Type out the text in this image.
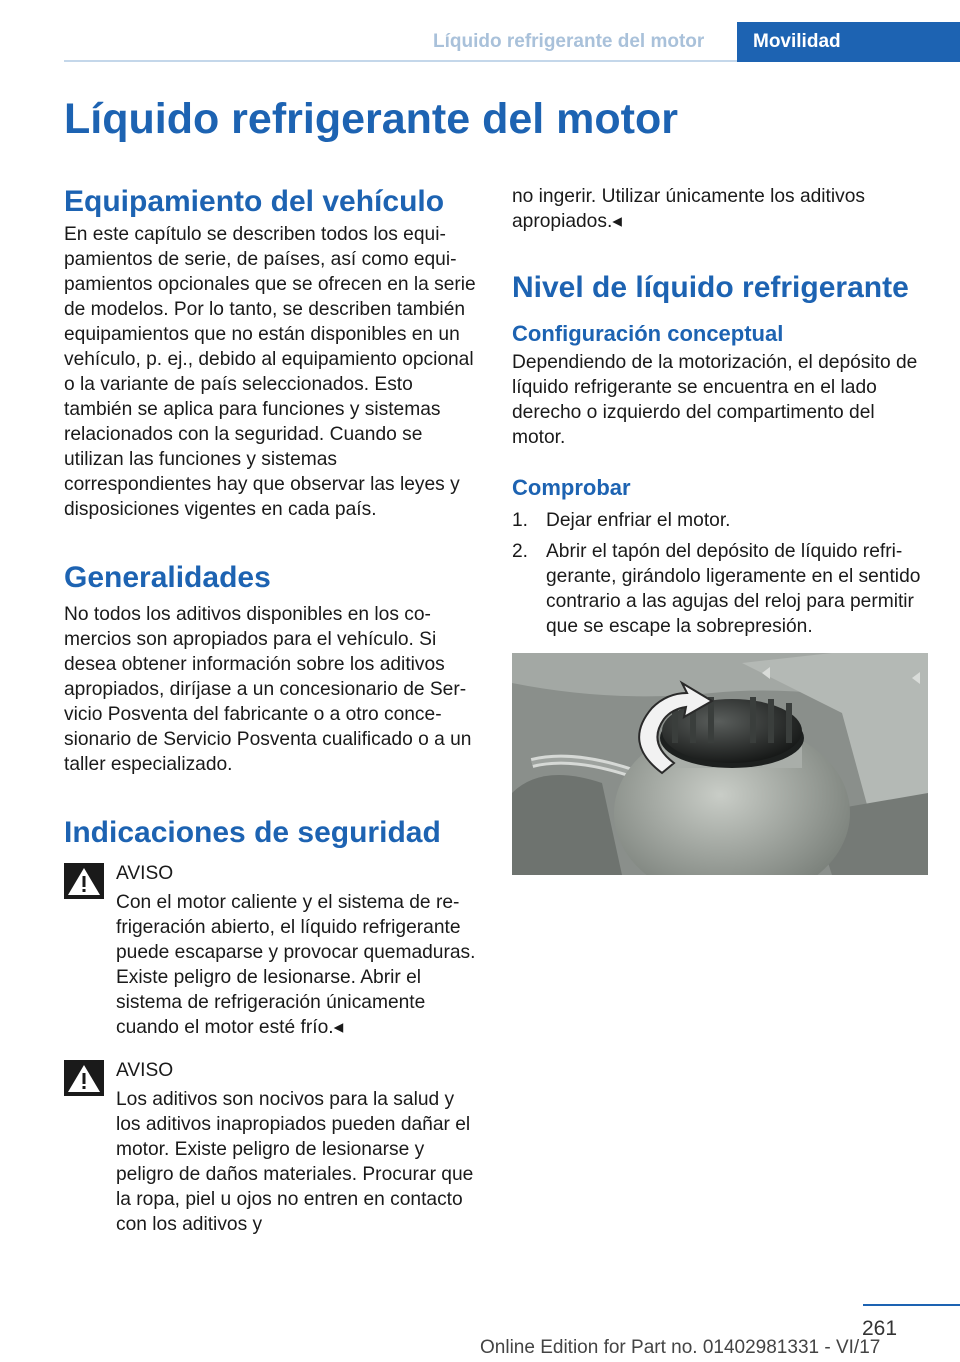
Líquido refrigerante del motor	Movilidad
Líquido refrigerante del motor
Equipamiento del vehículo

En este capítulo se describen todos los equipamientos de serie, de países, así como equipamientos opcionales que se ofrecen en la serie de modelos. Por lo tanto, se describen también equipamientos que no están disponibles en un vehículo, p. ej., debido al equipamiento opcional o la variante de país seleccionados. Esto también se aplica para funciones y sistemas relacionados con la seguridad. Cuando se utilizan las funciones y sistemas correspondientes hay que observar las leyes y disposiciones vigentes en cada país.

Generalidades

No todos los aditivos disponibles en los comercios son apropiados para el vehículo. Si desea obtener información sobre los aditivos apropiados, diríjase a un concesionario de Servicio Posventa del fabricante o a otro concesionario de Servicio Posventa cualificado o a un taller especializado.

Indicaciones de seguridad
AVISO

Con el motor caliente y el sistema de refrigeración abierto, el líquido refrigerante puede escaparse y provocar quemaduras. Existe peligro de lesionarse. Abrir el sistema de refrigeración únicamente cuando el motor esté frío.◂

AVISO

Los aditivos son nocivos para la salud y los aditivos inapropiados pueden dañar el motor. Existe peligro de lesionarse y peligro de daños materiales. Procurar que la ropa, piel u ojos no entren en contacto con los aditivos y

no ingerir. Utilizar únicamente los aditivos apropiados.◂

Nivel de líquido refrigerante
Configuración conceptual

Dependiendo de la motorización, el depósito de líquido refrigerante se encuentra en el lado derecho o izquierdo del compartimento del motor.

Comprobar
1. Dejar enfriar el motor.
2. Abrir el tapón del depósito de líquido refrigerante, girándolo ligeramente en el sentido contrario a las agujas del reloj para permitir que se escape la sobrepresión.
261
Online Edition for Part no. 01402981331 - VI/17
